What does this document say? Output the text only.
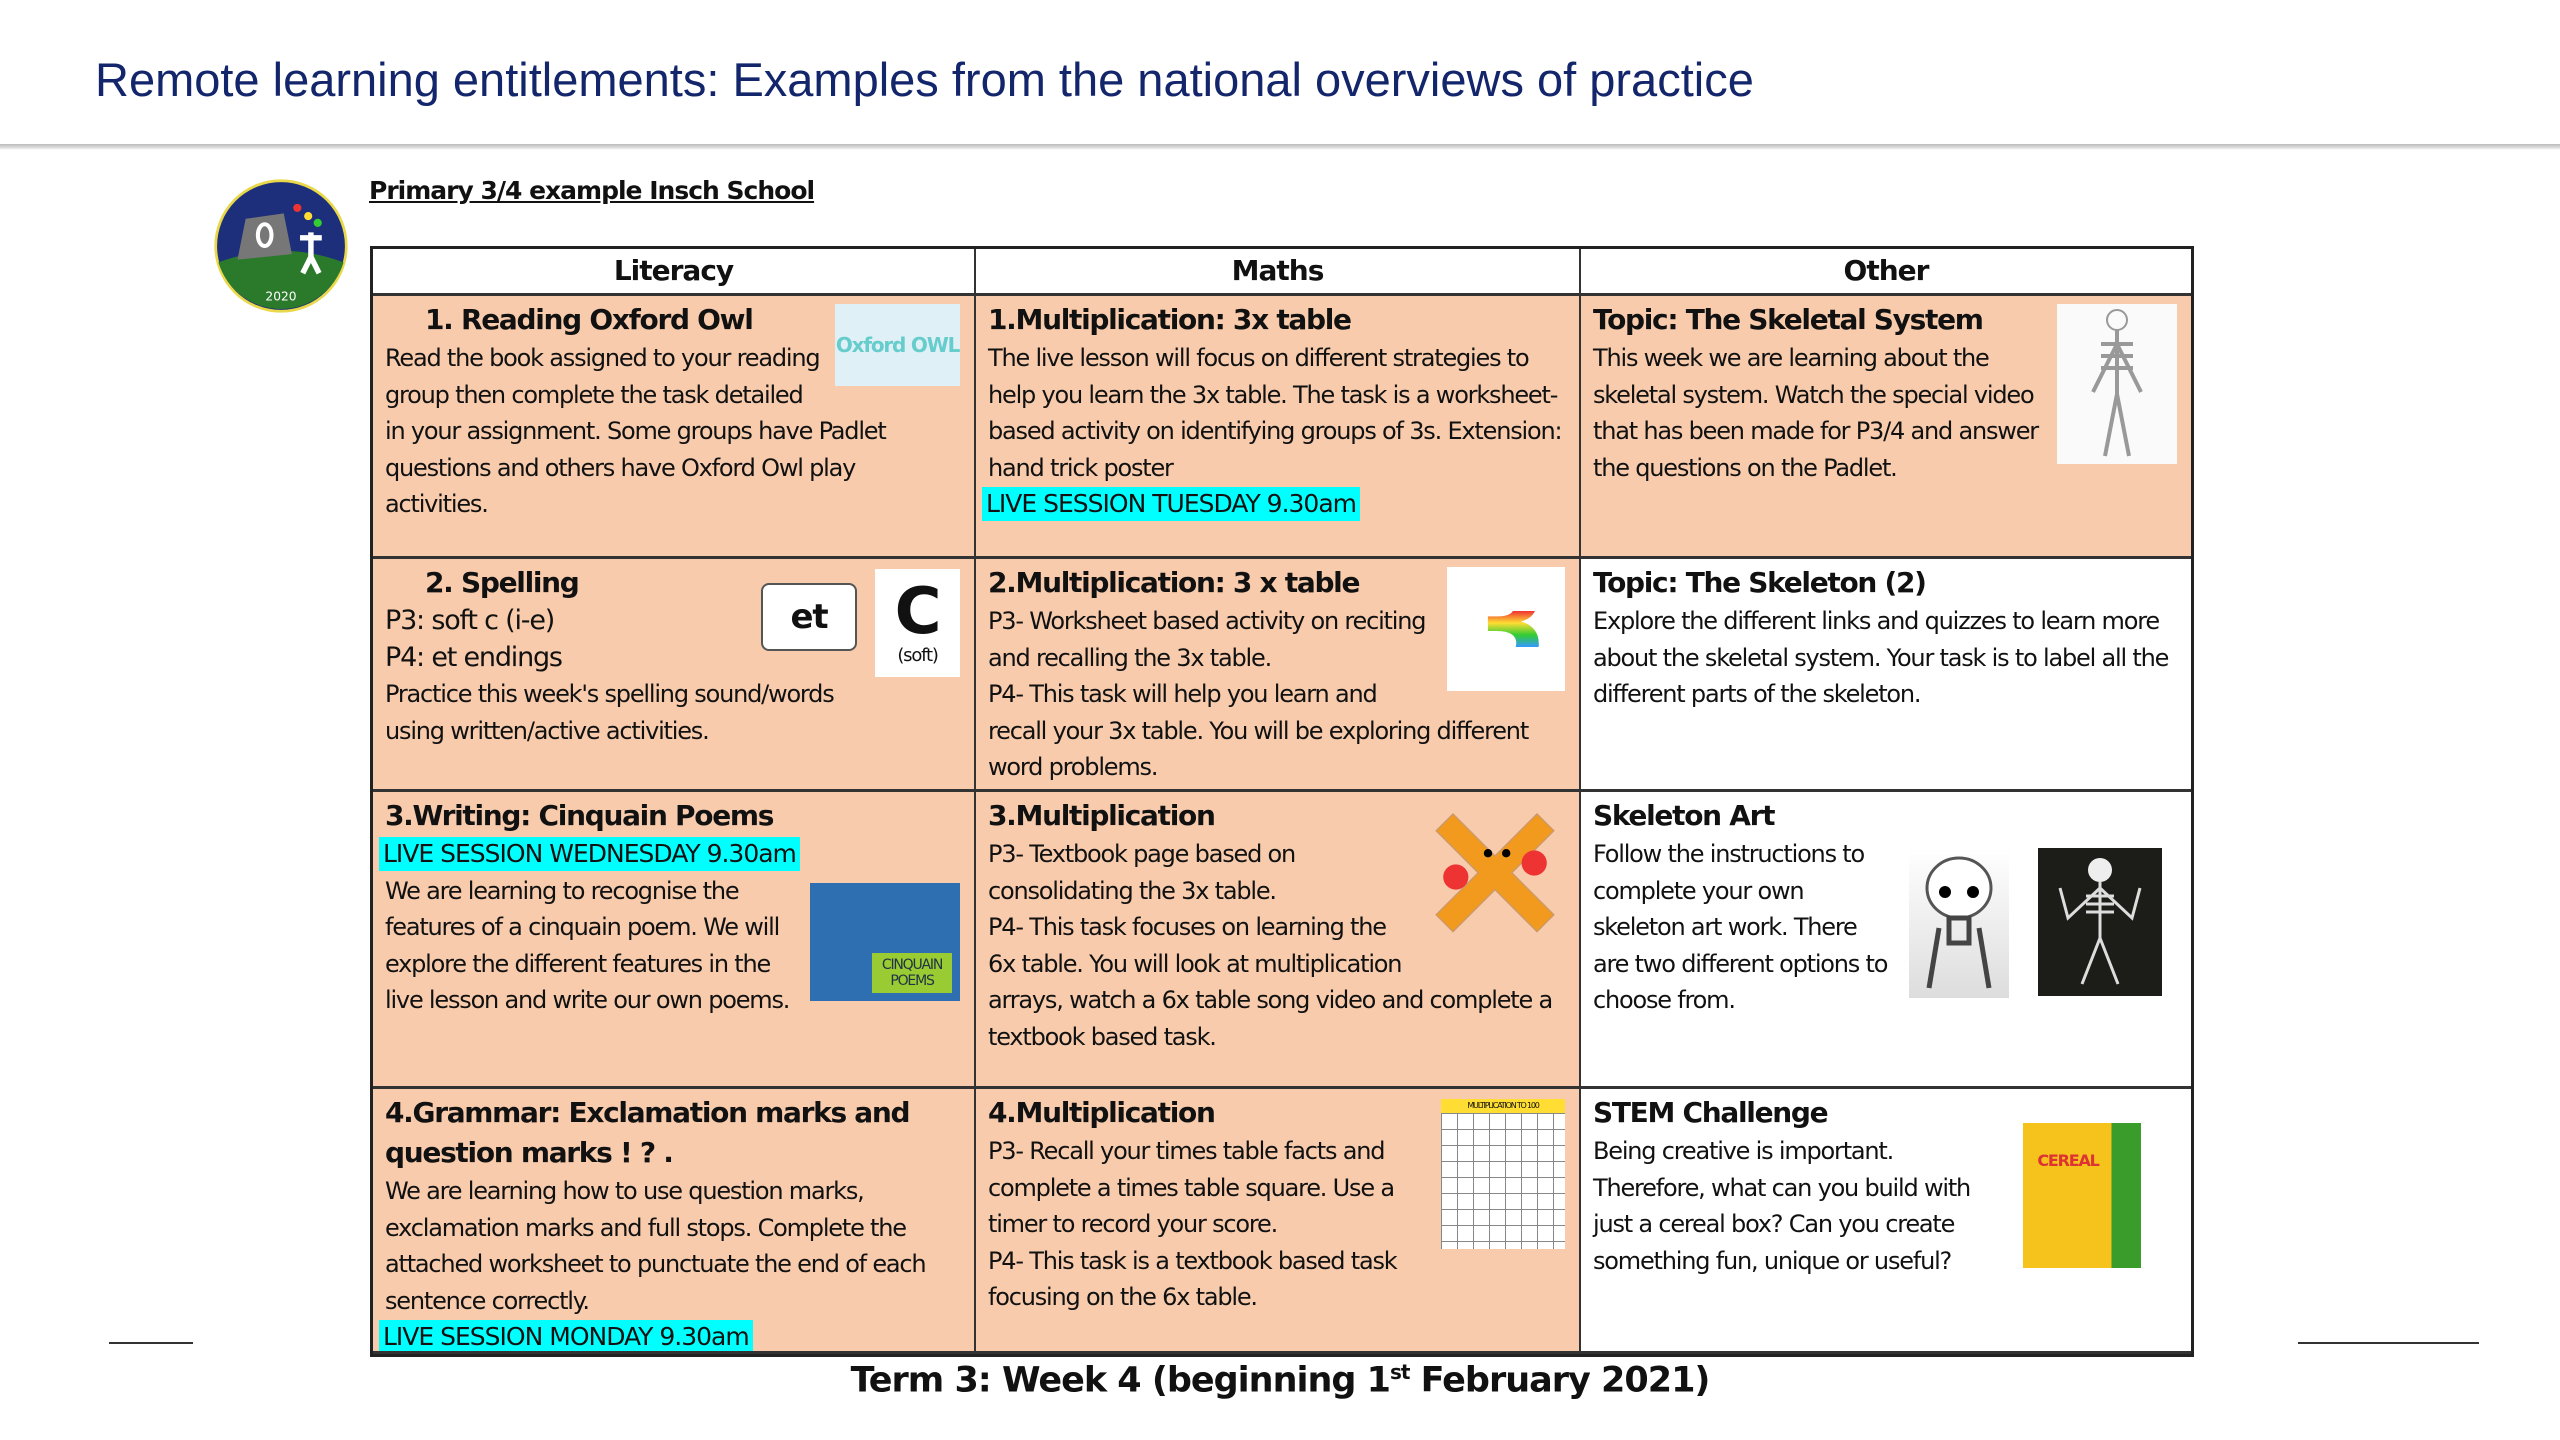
Remote learning entitlements: Examples from the national overviews of practice
2020
Primary 3/4 example Insch School
Literacy	Maths	Other
Oxford OWL
1. Reading Oxford Owl
Read the book assigned to your reading group then complete the task detailed in your assignment. Some groups have Padlet questions and others have Oxford Owl play activities.
1.Multiplication: 3x table
The live lesson will focus on different strategies to help you learn the 3x table. The task is a worksheet-based activity on identifying groups of 3s. Extension: hand trick poster
LIVE SESSION TUESDAY 9.30am
Topic: The Skeletal System
This week we are learning about the skeletal system. Watch the special video that has been made for P3/4 and answer the questions on the Padlet.
C
(soft)
et
2. Spelling
P3: soft c (i-e)
P4: et endings
Practice this week's spelling sound/words using written/active activities.
3
2.Multiplication: 3 x table
P3- Worksheet based activity on reciting and recalling the 3x table.
P4- This task will help you learn and recall your 3x table. You will be exploring different word problems.
Topic: The Skeleton (2)
Explore the different links and quizzes to learn more about the skeletal system. Your task is to label all the different parts of the skeleton.
3.Writing: Cinquain Poems
LIVE SESSION WEDNESDAY 9.30am
CINQUAIN POEMS
We are learning to recognise the features of a cinquain poem. We will explore the different features in the live lesson and write our own poems.
3.Multiplication
P3- Textbook page based on consolidating the 3x table.
P4- This task focuses on learning the 6x table. You will look at multiplication arrays, watch a 6x table song video and complete a textbook based task.
Skeleton Art
Follow the instructions to complete your own skeleton art work. There are two different options to choose from.
4.Grammar: Exclamation marks and question marks ! ? .
We are learning how to use question marks, exclamation marks and full stops. Complete the attached worksheet to punctuate the end of each sentence correctly.
LIVE SESSION MONDAY 9.30am
MULTIPLICATION TO 100
4.Multiplication
P3- Recall your times table facts and complete a times table square. Use a timer to record your score.
P4- This task is a textbook based task focusing on the 6x table.
CEREAL
STEM Challenge
Being creative is important. Therefore, what can you build with just a cereal box? Can you create something fun, unique or useful?
Term 3: Week 4 (beginning 1st February 2021)
